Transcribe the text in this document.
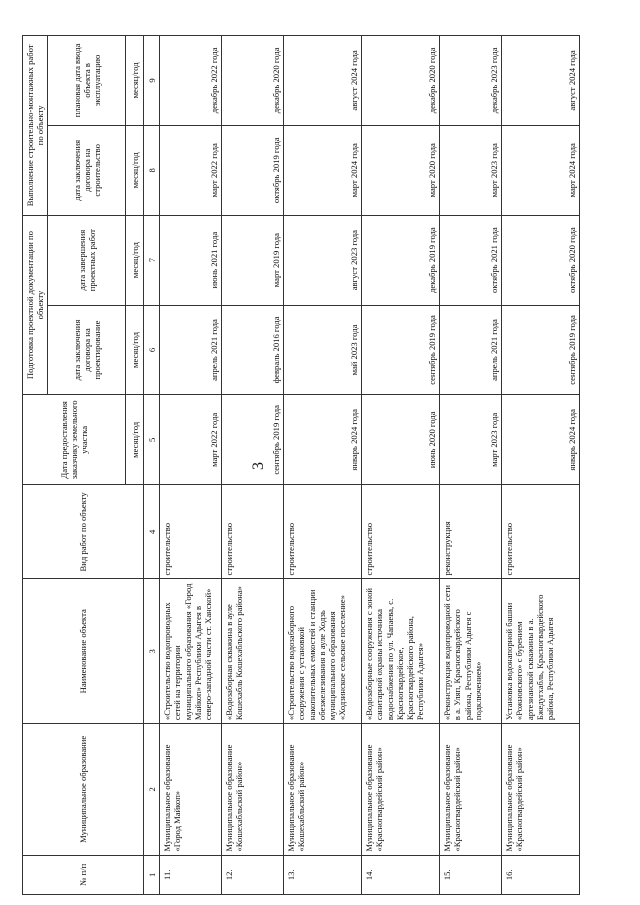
3
№ п/п	Муниципальное образование	Наименование объекта	Вид работ по объекту	Дата предоставления заказчику земельного участка	Подготовка проектной документации по объекту		Выполнение строительно-монтажных работ по объекту	
					дата заключения договора на проектирование	дата завершения проектных работ	дата заключения договора на строительство	плановая дата ввода объекта в эксплуатацию
				месяц/год	месяц/год	месяц/год	месяц/год	месяц/год
1	2	3	4	5	6	7	8	9
11.	Муниципальное образование «Город Майкоп»	«Строительство водопроводных сетей на территории муниципального образования «Город Майкоп» Республики Адыгея в северо-западной части ст. Ханской»	строительство	март 2022 года	апрель 2021 года	июнь 2021 года	март 2022 года	декабрь 2022 года
12.	Муниципальное образование «Кошехабльский район»	«Водозаборная скважина в ауле Кошехабль Кошехабльского района»	строительство	сентябрь 2019 года	февраль 2016 года	март 2019 года	октябрь 2019 года	декабрь 2020 года
13.	Муниципальное образование «Кошехабльский район»	«Строительство водозаборного сооружения с установкой накопительных емкостей и станции обезжелезивания в ауле Ходзь муниципального образования «Ходзинское сельское поселение»	строительство	январь 2024 года	май 2023 года	август 2023 года	март 2024 года	август 2024 года
14.	Муниципальное образование «Красногвардейский район»	«Водозаборные сооружения с зоной санитарной охраны источника водоснабжения по ул. Чапаева, с. Красногвардейское, Красногвардейского района, Республики Адыгея»	строительство	июнь 2020 года	сентябрь 2019 года	декабрь 2019 года	март 2020 года	декабрь 2020 года
15.	Муниципальное образование «Красногвардейский район»	«Реконструкция водопроводной сети в а. Уляп, Красногвардейского района, Республики Адыгея с подключением»	реконструкция	март 2023 года	апрель 2021 года	октябрь 2021 года	март 2023 года	декабрь 2023 года
16.	Муниципальное образование «Красногвардейский район»	Установка водонапорной башни «Рожновского» с бурением артезианской скважины в а. Бжедугхабль, Красногвардейского района, Республики Адыгея	строительство	январь 2024 года	сентябрь 2019 года	октябрь 2020 года	март 2024 года	август 2024 года
